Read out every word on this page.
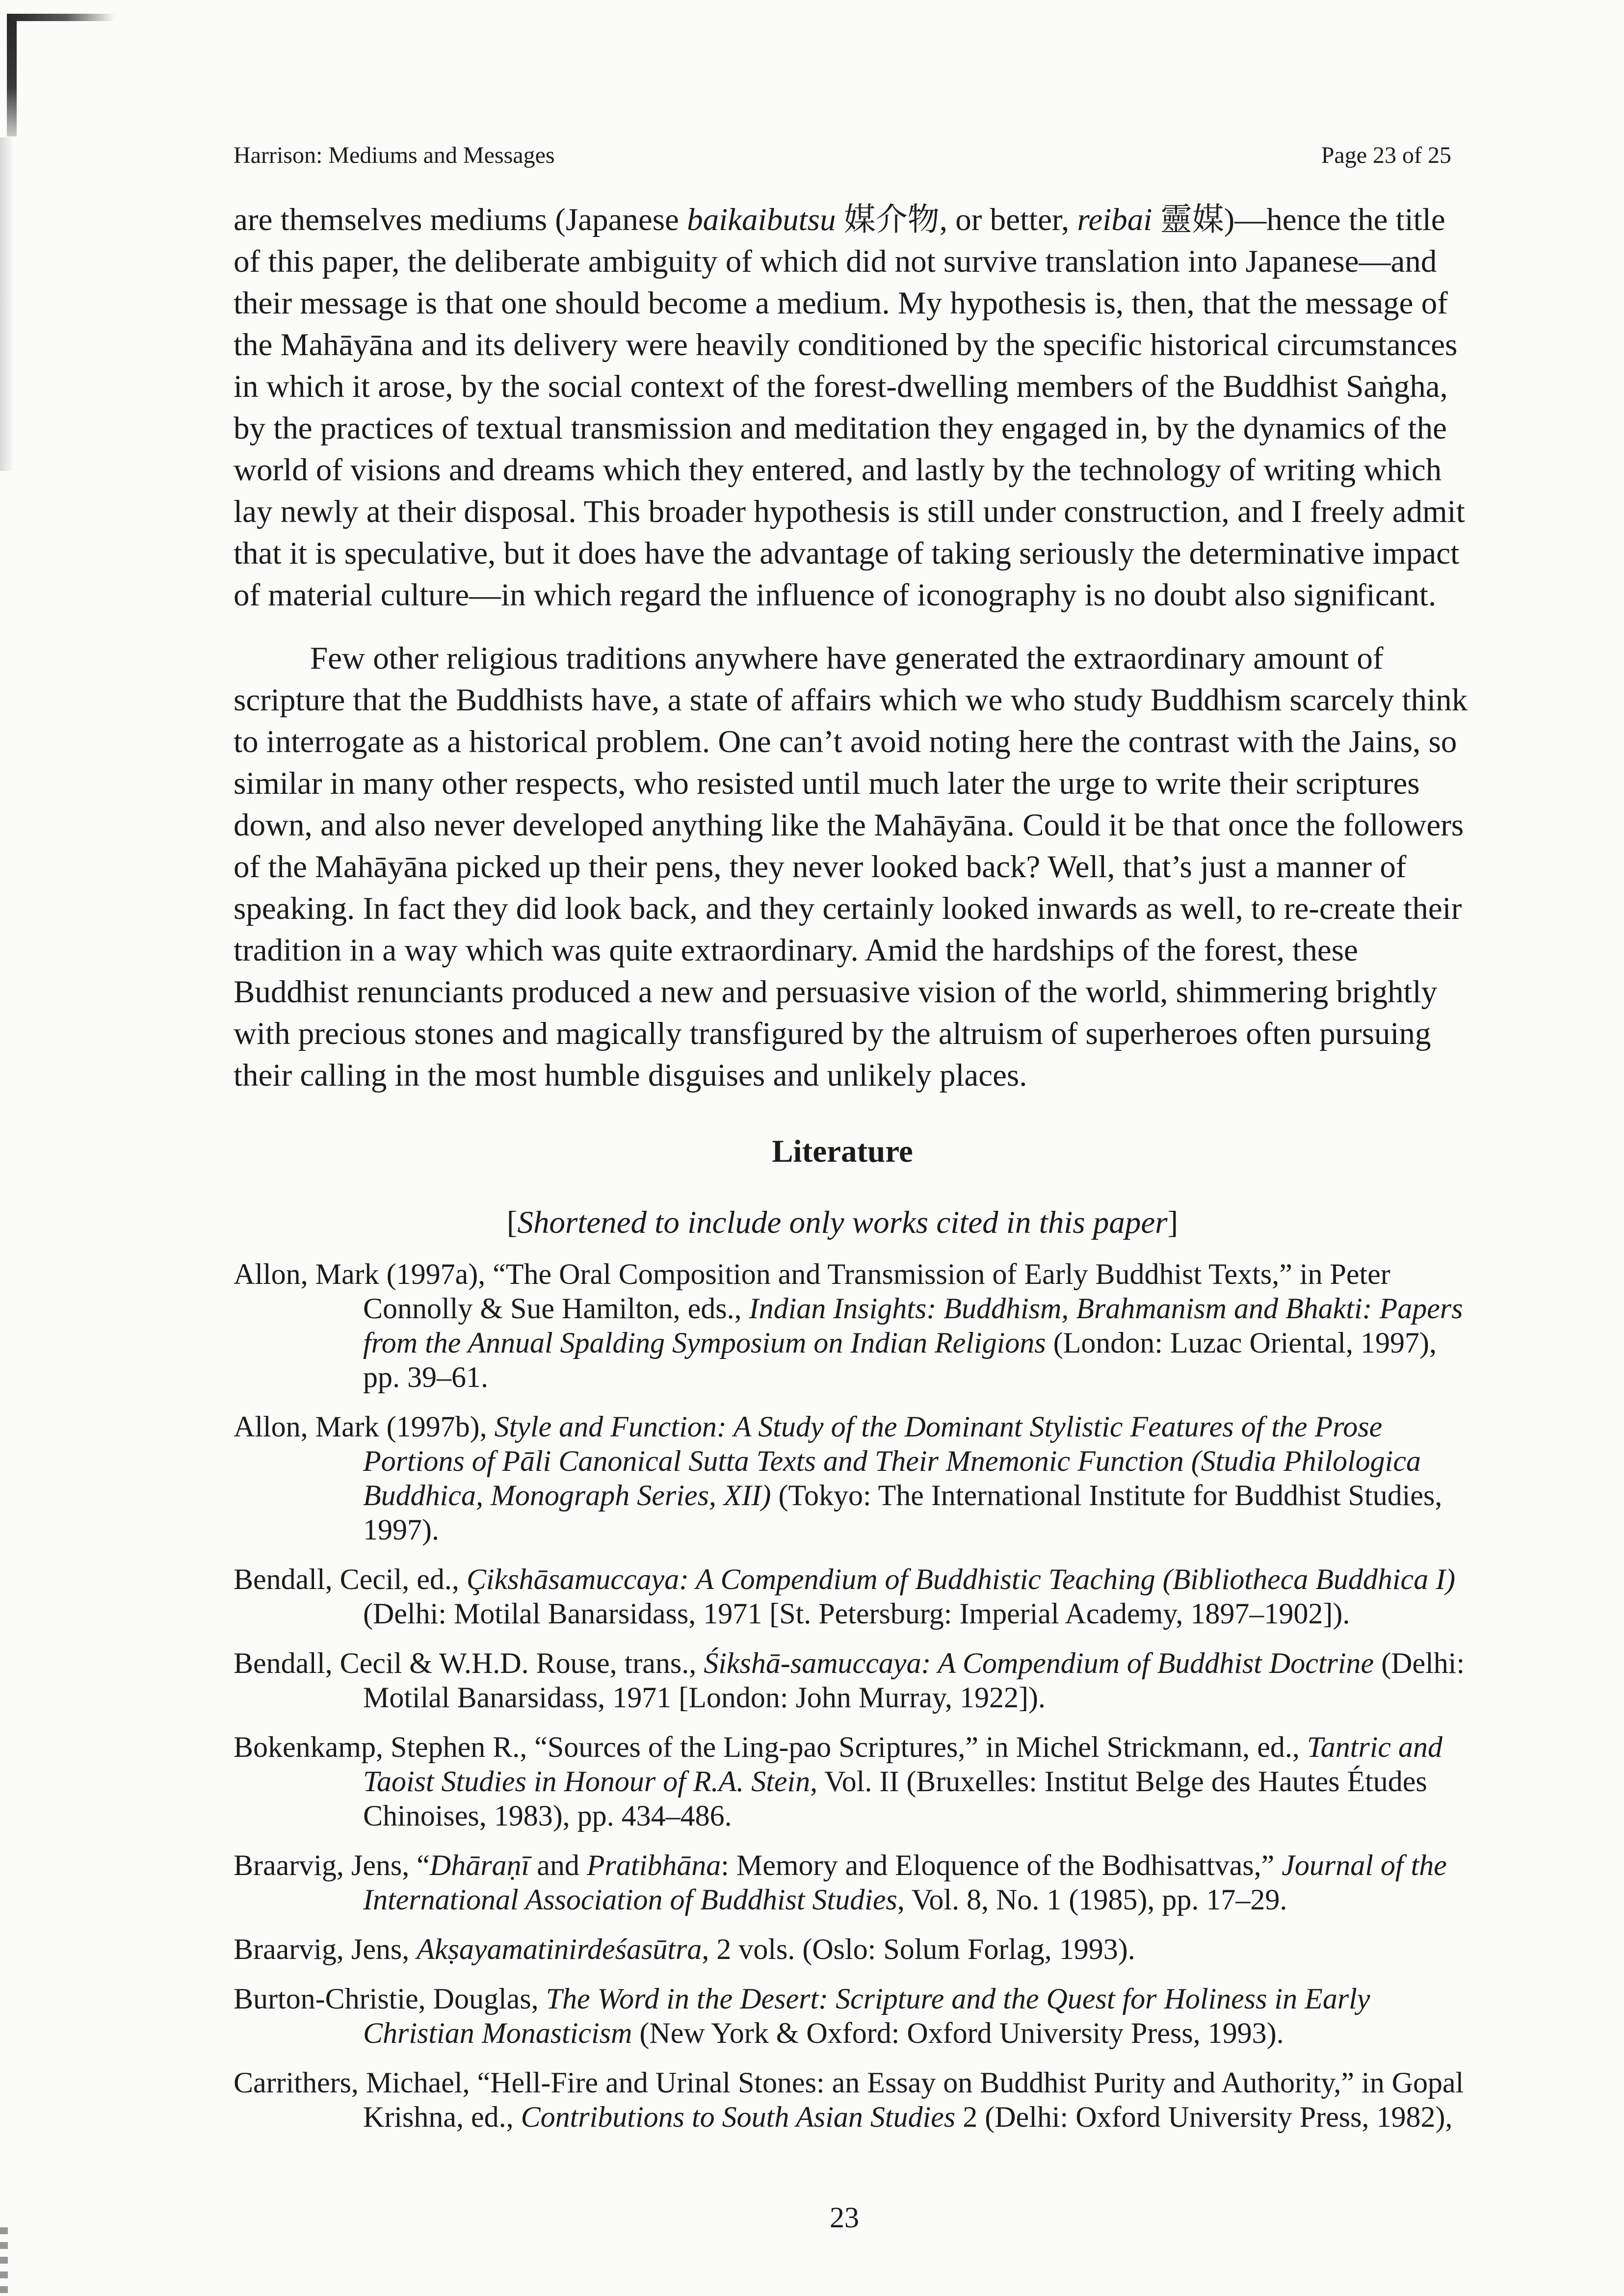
Harrison: Mediums and Messages	Page 23 of 25
are themselves mediums (Japanese baikaibutsu 媒介物, or better, reibai 靈媒)—hence the title
of this paper, the deliberate ambiguity of which did not survive translation into Japanese—and
their message is that one should become a medium. My hypothesis is, then, that the message of
the Mahāyāna and its delivery were heavily conditioned by the specific historical circumstances
in which it arose, by the social context of the forest-dwelling members of the Buddhist Saṅgha,
by the practices of textual transmission and meditation they engaged in, by the dynamics of the
world of visions and dreams which they entered, and lastly by the technology of writing which
lay newly at their disposal. This broader hypothesis is still under construction, and I freely admit
that it is speculative, but it does have the advantage of taking seriously the determinative impact
of material culture—in which regard the influence of iconography is no doubt also significant.
Few other religious traditions anywhere have generated the extraordinary amount of
scripture that the Buddhists have, a state of affairs which we who study Buddhism scarcely think
to interrogate as a historical problem. One can’t avoid noting here the contrast with the Jains, so
similar in many other respects, who resisted until much later the urge to write their scriptures
down, and also never developed anything like the Mahāyāna. Could it be that once the followers
of the Mahāyāna picked up their pens, they never looked back? Well, that’s just a manner of
speaking. In fact they did look back, and they certainly looked inwards as well, to re-create their
tradition in a way which was quite extraordinary. Amid the hardships of the forest, these
Buddhist renunciants produced a new and persuasive vision of the world, shimmering brightly
with precious stones and magically transfigured by the altruism of superheroes often pursuing
their calling in the most humble disguises and unlikely places.
Literature
[Shortened to include only works cited in this paper]
Allon, Mark (1997a), “The Oral Composition and Transmission of Early Buddhist Texts,” in Peter
Connolly & Sue Hamilton, eds., Indian Insights: Buddhism, Brahmanism and Bhakti: Papers
from the Annual Spalding Symposium on Indian Religions (London: Luzac Oriental, 1997),
pp. 39–61.
Allon, Mark (1997b), Style and Function: A Study of the Dominant Stylistic Features of the Prose
Portions of Pāli Canonical Sutta Texts and Their Mnemonic Function (Studia Philologica
Buddhica, Monograph Series, XII) (Tokyo: The International Institute for Buddhist Studies,
1997).
Bendall, Cecil, ed., Çikshāsamuccaya: A Compendium of Buddhistic Teaching (Bibliotheca Buddhica I)
(Delhi: Motilal Banarsidass, 1971 [St. Petersburg: Imperial Academy, 1897–1902]).
Bendall, Cecil & W.H.D. Rouse, trans., Śikshā-samuccaya: A Compendium of Buddhist Doctrine (Delhi:
Motilal Banarsidass, 1971 [London: John Murray, 1922]).
Bokenkamp, Stephen R., “Sources of the Ling-pao Scriptures,” in Michel Strickmann, ed., Tantric and
Taoist Studies in Honour of R.A. Stein, Vol. II (Bruxelles: Institut Belge des Hautes Études
Chinoises, 1983), pp. 434–486.
Braarvig, Jens, “Dhāraṇī and Pratibhāna: Memory and Eloquence of the Bodhisattvas,” Journal of the
International Association of Buddhist Studies, Vol. 8, No. 1 (1985), pp. 17–29.
Braarvig, Jens, Akṣayamatinirdeśasūtra, 2 vols. (Oslo: Solum Forlag, 1993).
Burton-Christie, Douglas, The Word in the Desert: Scripture and the Quest for Holiness in Early
Christian Monasticism (New York & Oxford: Oxford University Press, 1993).
Carrithers, Michael, “Hell-Fire and Urinal Stones: an Essay on Buddhist Purity and Authority,” in Gopal
Krishna, ed., Contributions to South Asian Studies 2 (Delhi: Oxford University Press, 1982),
23
